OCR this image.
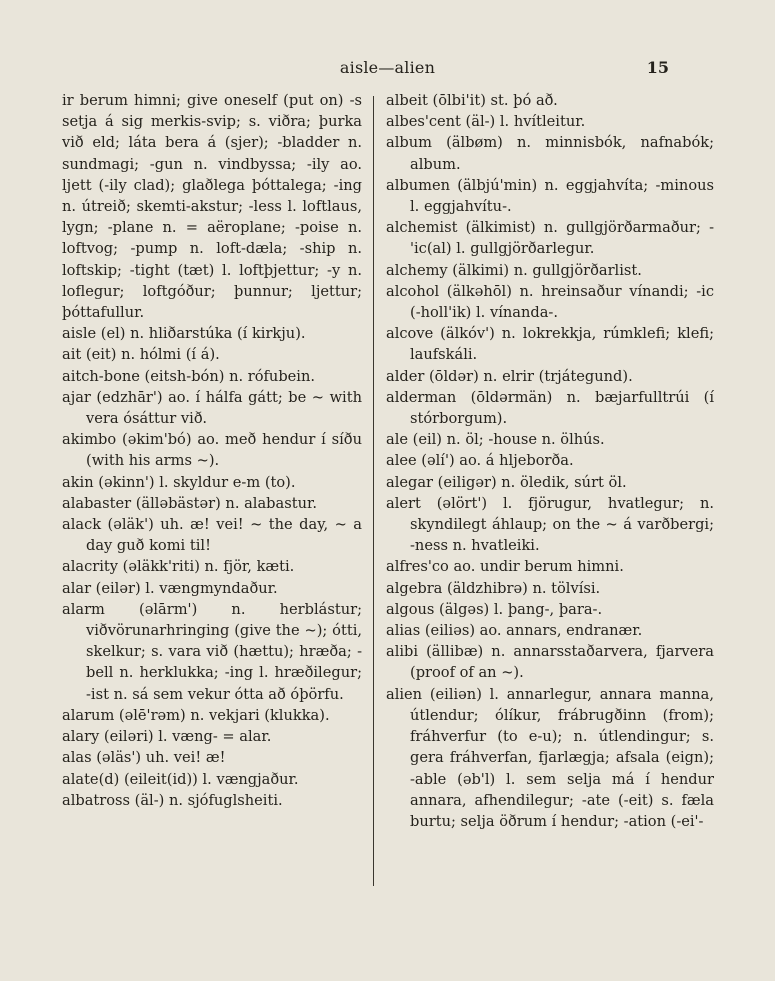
aisle—alien	15

ir berum himni; give oneself (put on) -s setja á sig merkis-svip; s. viðra; þurka við eld; láta bera á (sjer); -bladder n. sundmagi; -gun n. vindbyssa; -ily ao. ljett (-ily clad); glaðlega þóttalega; -ing n. útreið; skemti-akstur; -less l. loftlaus, lygn; -plane n. = aëroplane; -poise n. loftvog; -pump n. loft-dæla; -ship n. loftskip; -tight (tæt) l. loftþjettur; -y n. loflegur; loftgóður; þunnur; ljettur; þóttafullur.

aisle (el) n. hliðarstúka (í kirkju).

ait (eit) n. hólmi (í á).

aitch-bone (eitsh-bón) n. rófubein.

ajar (edzhār') ao. í hálfa gátt; be ~ with vera ósáttur við.

akimbo (əkim'bó) ao. með hendur í síðu (with his arms ~).

akin (əkinn') l. skyldur e-m (to).

alabaster (älləbästər) n. alabastur.

alack (əläk') uh. æ! vei! ~ the day, ~ a day guð komi til!

alacrity (əläkk'riti) n. fjör, kæti.

alar (eilər) l. vængmyndaður.

alarm (əlārm') n. herblástur; viðvörunarhringing (give the ~); ótti, skelkur; s. vara við (hættu); hræða; -bell n. herklukka; -ing l. hræðilegur; -ist n. sá sem vekur ótta að óþörfu.

alarum (əlē'rəm) n. vekjari (klukka).

alary (eiləri) l. væng- = alar.

alas (əläs') uh. vei! æ!

alate(d) (eileit(id)) l. vængjaður.

albatross (äl-) n. sjófuglsheiti.

albeit (ōlbi'it) st. þó að.

albes'cent (äl-) l. hvítleitur.

album (älbøm) n. minnisbók, nafnabók; album.

albumen (älbjú'min) n. eggjahvíta; -minous l. eggjahvítu-.

alchemist (älkimist) n. gullgjörðarmaður; -'ic(al) l. gullgjörðarlegur.

alchemy (älkimi) n. gullgjörðarlist.

alcohol (älkəhōl) n. hreinsaður vínandi; -ic (-holl'ik) l. vínanda-.

alcove (älkóv') n. lokrekkja, rúmklefi; klefi; laufskáli.

alder (ōldər) n. elrir (trjátegund).

alderman (ōldərmän) n. bæjarfulltrúi (í stórborgum).

ale (eil) n. öl; -house n. ölhús.

alee (əlí') ao. á hljeborða.

alegar (eiligər) n. öledik, súrt öl.

alert (əlört') l. fjörugur, hvatlegur; n. skyndilegt áhlaup; on the ~ á varðbergi; -ness n. hvatleiki.

alfres'co ao. undir berum himni.

algebra (äldzhibrə) n. tölvísi.

algous (älgəs) l. þang-, þara-.

alias (eiliəs) ao. annars, endranær.

alibi (ällibæ) n. annarsstaðarvera, fjarvera (proof of an ~).

alien (eiliən) l. annarlegur, annara manna, útlendur; ólíkur, frábrugðinn (from); fráhverfur (to e-u); n. útlendingur; s. gera fráhverfan, fjarlægja; afsala (eign); -able (əb'l) l. sem selja má í hendur annara, afhendilegur; -ate (-eit) s. fæla burtu; selja öðrum í hendur; -ation (-ei'-
